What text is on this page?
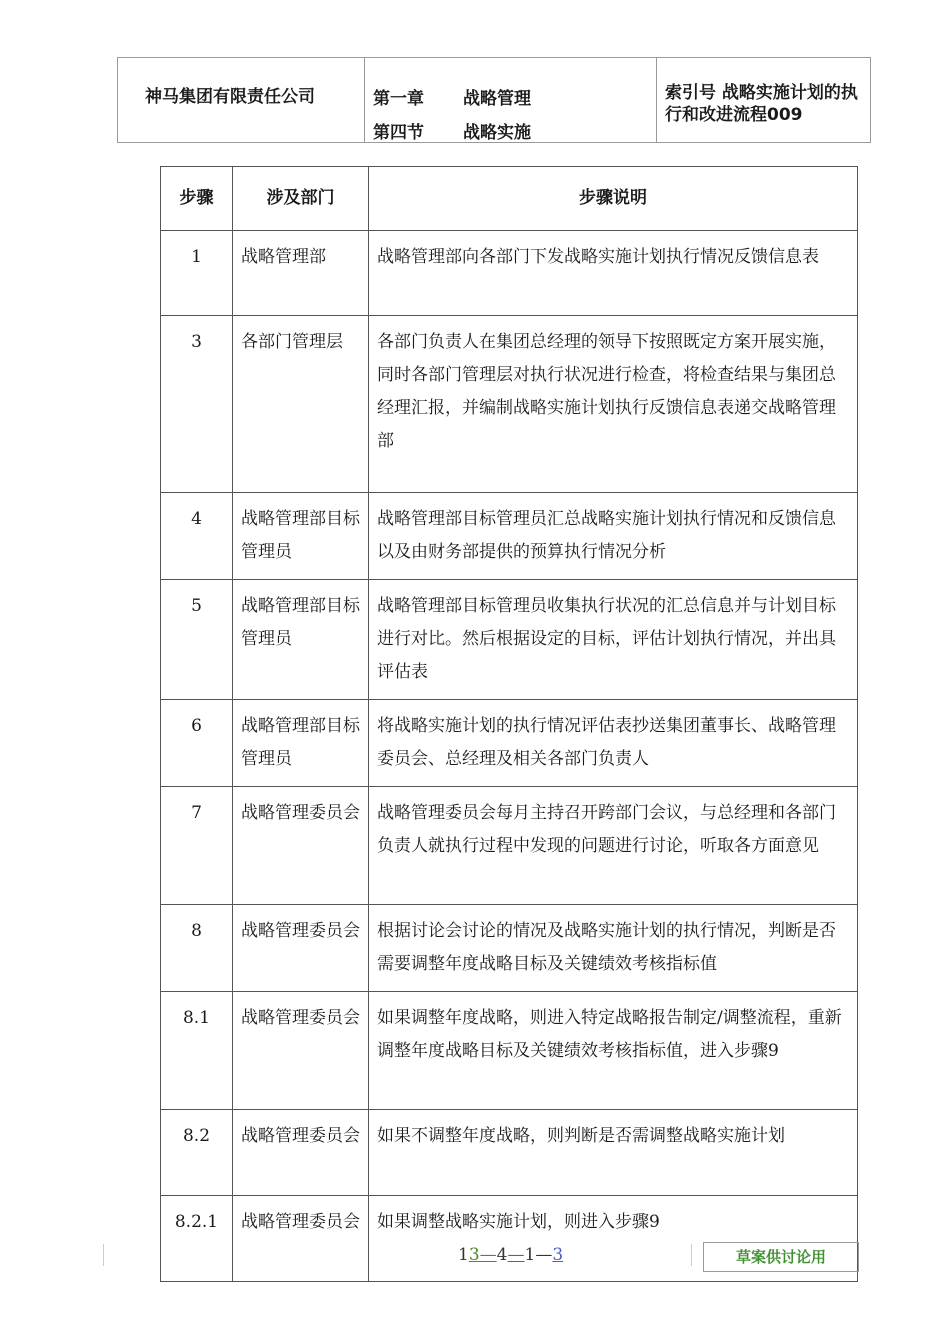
神马集团有限责任公司	第一章 战略管理
第四节 战略实施
索引号 战略实施计划的执行和改进流程009
步骤	涉及部门	步骤说明
1	战略管理部	战略管理部向各部门下发战略实施计划执行情况反馈信息表
3	各部门管理层	各部门负责人在集团总经理的领导下按照既定方案开展实施，同时各部门管理层对执行状况进行检查，将检查结果与集团总经理汇报，并编制战略实施计划执行反馈信息表递交战略管理部
4	战略管理部目标管理员	战略管理部目标管理员汇总战略实施计划执行情况和反馈信息以及由财务部提供的预算执行情况分析
5	战略管理部目标管理员	战略管理部目标管理员收集执行状况的汇总信息并与计划目标进行对比。然后根据设定的目标，评估计划执行情况，并出具评估表
6	战略管理部目标管理员	将战略实施计划的执行情况评估表抄送集团董事长、战略管理委员会、总经理及相关各部门负责人
7	战略管理委员会	战略管理委员会每月主持召开跨部门会议，与总经理和各部门负责人就执行过程中发现的问题进行讨论，听取各方面意见
8	战略管理委员会	根据讨论会讨论的情况及战略实施计划的执行情况，判断是否需要调整年度战略目标及关键绩效考核指标值
8.1	战略管理委员会	如果调整年度战略，则进入特定战略报告制定/调整流程，重新调整年度战略目标及关键绩效考核指标值，进入步骤9
8.2	战略管理委员会	如果不调整年度战略，则判断是否需调整战略实施计划
8.2.1	战略管理委员会	如果调整战略实施计划，则进入步骤9
13—4—1—3	草案供讨论用
